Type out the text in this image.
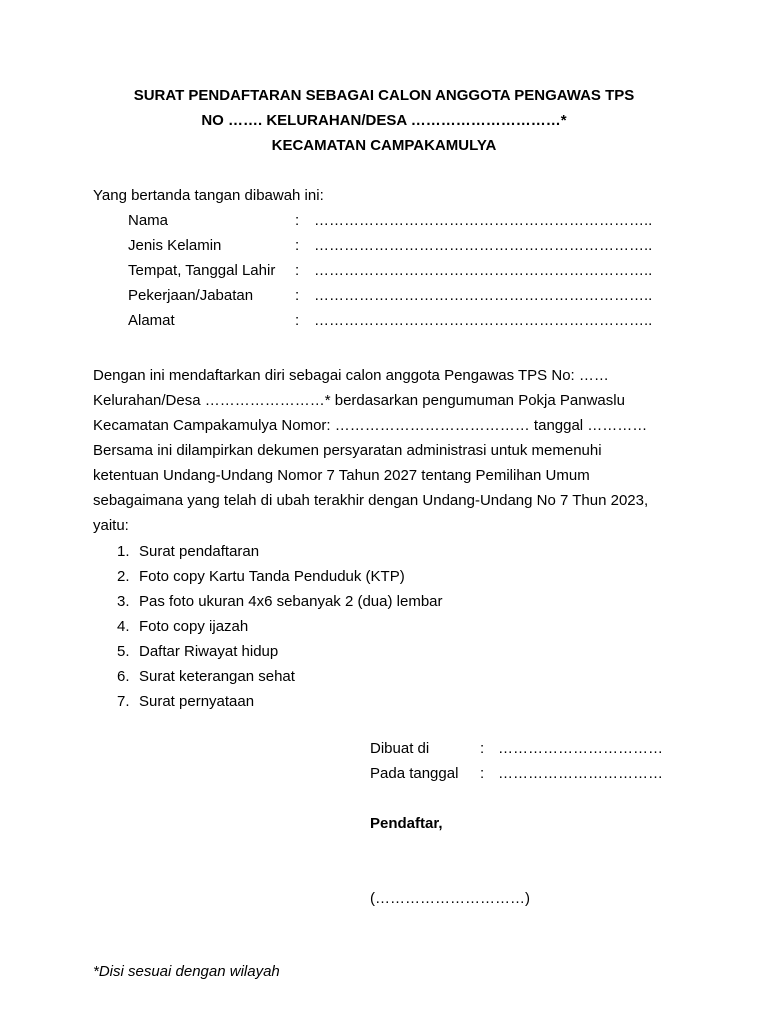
SURAT PENDAFTARAN SEBAGAI CALON ANGGOTA PENGAWAS TPS
NO ……. KELURAHAN/DESA …………………………*
KECAMATAN CAMPAKAMULYA
Yang bertanda tangan dibawah ini:
Nama	: …………………………………………………………..
Jenis Kelamin	: …………………………………………………………..
Tempat, Tanggal Lahir : …………………………………………………………..
Pekerjaan/Jabatan	: …………………………………………………………..
Alamat	: …………………………………………………………..

Dengan ini mendaftarkan diri sebagai calon anggota Pengawas TPS No: ……

Kelurahan/Desa ……………………* berdasarkan pengumuman Pokja Panwaslu

Kecamatan Campakamulya Nomor: ………………………………… tanggal …………

Bersama ini dilampirkan dekumen persyaratan administrasi untuk memenuhi

ketentuan Undang-Undang Nomor 7 Tahun 2027 tentang Pemilihan Umum

sebagaimana yang telah di ubah terakhir dengan Undang-Undang No 7 Thun 2023,

yaitu:

1. Surat pendaftaran
2. Foto copy Kartu Tanda Penduduk (KTP)
3. Pas foto ukuran 4x6 sebanyak 2 (dua) lembar
4. Foto copy ijazah
5. Daftar Riwayat hidup
6. Surat keterangan sehat
7. Surat pernyataan
Dibuat di	: ……………………………
Pada tanggal : ……………………………
Pendaftar,
(…………………………)
*Disi sesuai dengan wilayah
